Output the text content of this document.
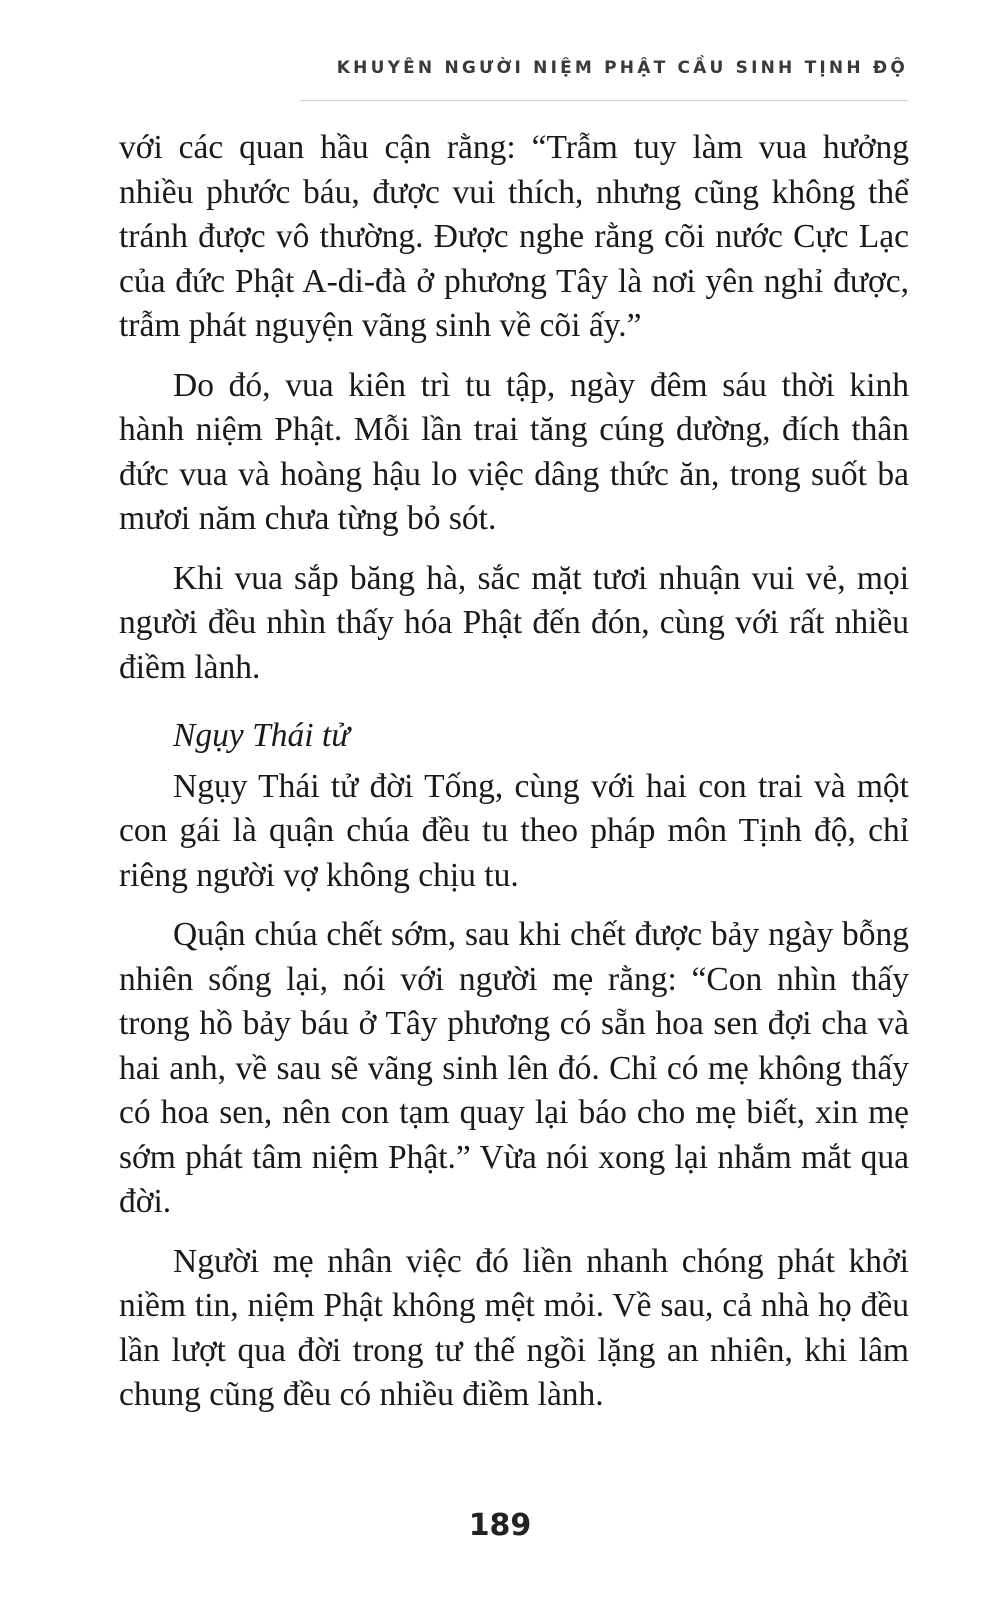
KHUYÊN NGƯỜI NIỆM PHẬT CẦU SINH TỊNH ĐỘ

với các quan hầu cận rằng: “Trẫm tuy làm vua hưởng nhiều phước báu, được vui thích, nhưng cũng không thể tránh được vô thường. Được nghe rằng cõi nước Cực Lạc của đức Phật A-di-đà ở phương Tây là nơi yên nghỉ được, trẫm phát nguyện vãng sinh về cõi ấy.”

Do đó, vua kiên trì tu tập, ngày đêm sáu thời kinh hành niệm Phật. Mỗi lần trai tăng cúng dường, đích thân đức vua và hoàng hậu lo việc dâng thức ăn, trong suốt ba mươi năm chưa từng bỏ sót.

Khi vua sắp băng hà, sắc mặt tươi nhuận vui vẻ, mọi người đều nhìn thấy hóa Phật đến đón, cùng với rất nhiều điềm lành.

Ngụy Thái tử

Ngụy Thái tử đời Tống, cùng với hai con trai và một con gái là quận chúa đều tu theo pháp môn Tịnh độ, chỉ riêng người vợ không chịu tu.

Quận chúa chết sớm, sau khi chết được bảy ngày bỗng nhiên sống lại, nói với người mẹ rằng: “Con nhìn thấy trong hồ bảy báu ở Tây phương có sẵn hoa sen đợi cha và hai anh, về sau sẽ vãng sinh lên đó. Chỉ có mẹ không thấy có hoa sen, nên con tạm quay lại báo cho mẹ biết, xin mẹ sớm phát tâm niệm Phật.” Vừa nói xong lại nhắm mắt qua đời.

Người mẹ nhân việc đó liền nhanh chóng phát khởi niềm tin, niệm Phật không mệt mỏi. Về sau, cả nhà họ đều lần lượt qua đời trong tư thế ngồi lặng an nhiên, khi lâm chung cũng đều có nhiều điềm lành.

189
